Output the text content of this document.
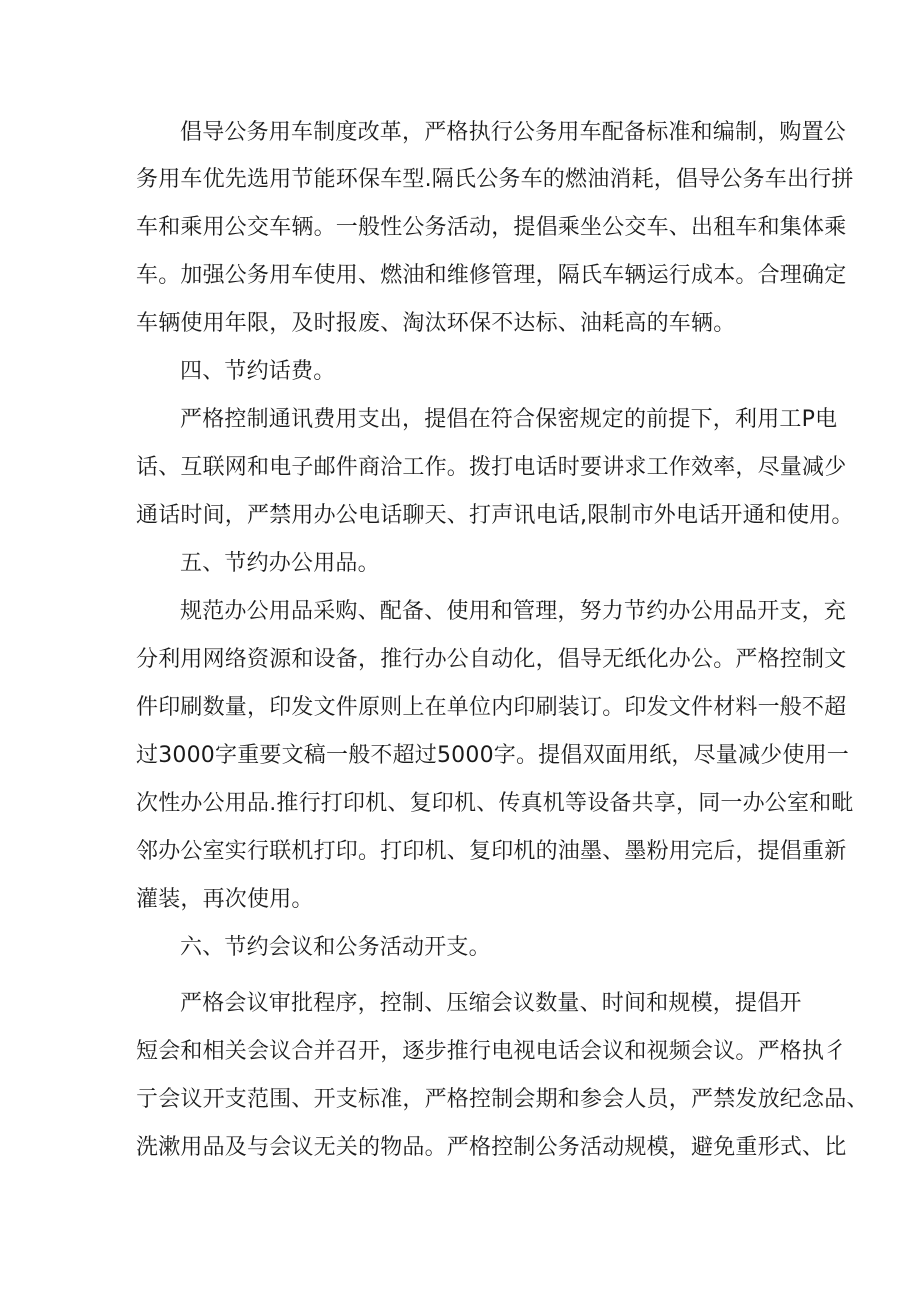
倡导公务用车制度改革，严格执行公务用车配备标准和编制，购置公
务用车优先选用节能环保车型.隔氏公务车的燃油消耗，倡导公务车出行拼
车和乘用公交车辆。一般性公务活动，提倡乘坐公交车、出租车和集体乘
车。加强公务用车使用、燃油和维修管理，隔氏车辆运行成本。合理确定
车辆使用年限，及时报废、淘汰环保不达标、油耗高的车辆。
四、节约话费。
严格控制通讯费用支出，提倡在符合保密规定的前提下，利用工P电
话、互联网和电子邮件商洽工作。拨打电话时要讲求工作效率，尽量减少
通话时间，严禁用办公电话聊天、打声讯电话,限制市外电话开通和使用。
五、节约办公用品。
规范办公用品采购、配备、使用和管理，努力节约办公用品开支，充
分利用网络资源和设备，推行办公自动化，倡导无纸化办公。严格控制文
件印刷数量，印发文件原则上在单位内印刷装订。印发文件材料一般不超
过3000字重要文稿一般不超过5000字。提倡双面用纸，尽量减少使用一
次性办公用品.推行打印机、复印机、传真机等设备共享，同一办公室和毗
邻办公室实行联机打印。打印机、复印机的油墨、墨粉用完后，提倡重新
灌装，再次使用。
六、节约会议和公务活动开支。
严格会议审批程序，控制、压缩会议数量、时间和规模，提倡开
短会和相关会议合并召开，逐步推行电视电话会议和视频会议。严格执彳
亍会议开支范围、开支标准，严格控制会期和参会人员，严禁发放纪念品、
洗漱用品及与会议无关的物品。严格控制公务活动规模，避免重形式、比
